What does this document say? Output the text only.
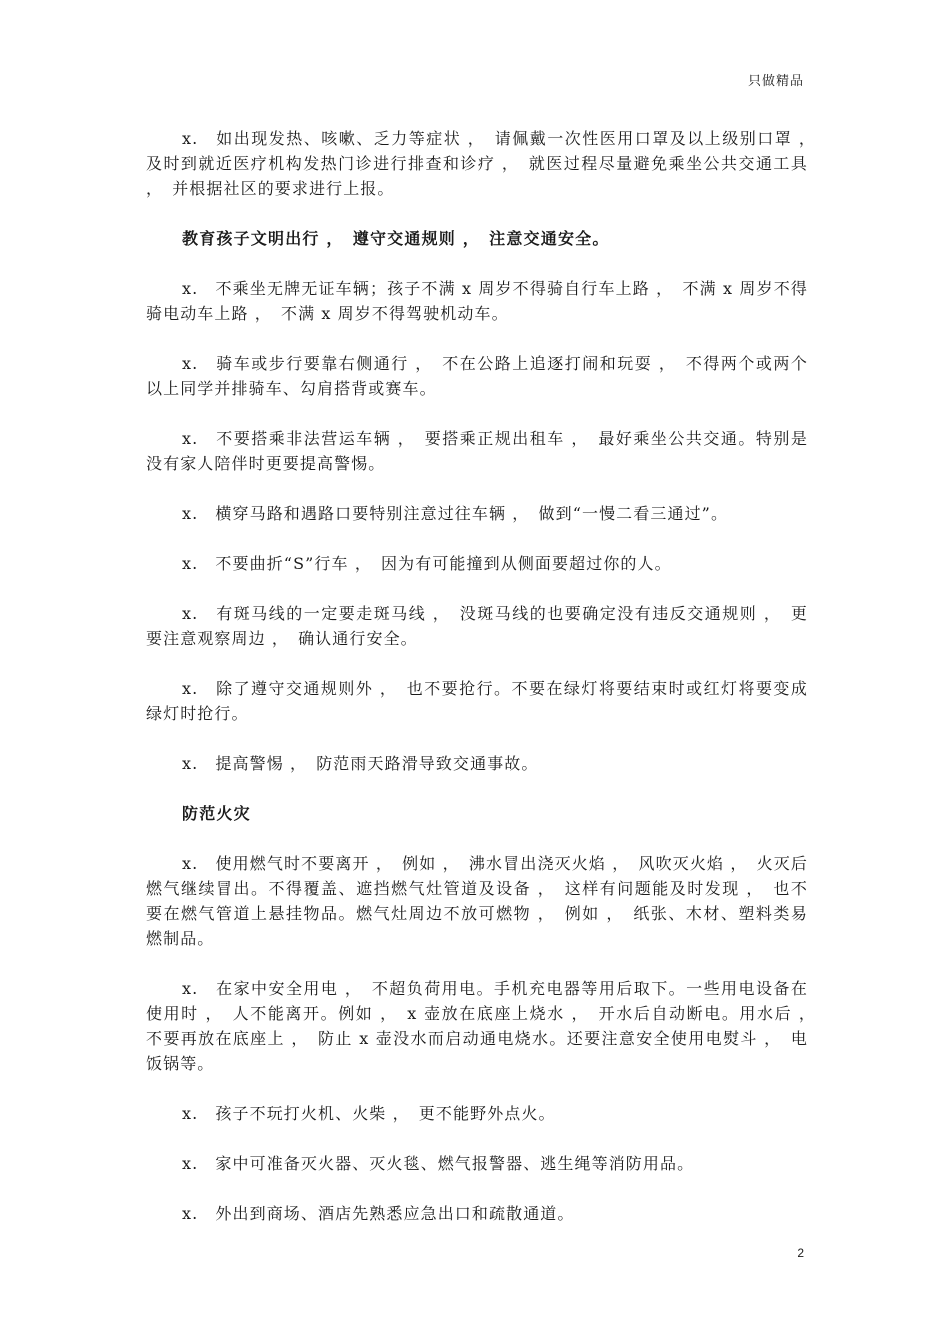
只做精品

x.　如出现发热、咳嗽、乏力等症状 ，　请佩戴一次性医用口罩及以上级别口罩 ，　及时到就近医疗机构发热门诊进行排查和诊疗 ，　就医过程尽量避免乘坐公共交通工具 ，　并根据社区的要求进行上报。

教育孩子文明出行 ，　遵守交通规则 ，　注意交通安全。

x.　不乘坐无牌无证车辆；孩子不满 x 周岁不得骑自行车上路 ，　不满 x 周岁不得骑电动车上路 ，　不满 x 周岁不得驾驶机动车。

x.　骑车或步行要靠右侧通行 ，　不在公路上追逐打闹和玩耍 ，　不得两个或两个以上同学并排骑车、勾肩搭背或赛车。

x.　不要搭乘非法营运车辆 ，　要搭乘正规出租车 ，　最好乘坐公共交通。特别是没有家人陪伴时更要提高警惕。

x.　横穿马路和遇路口要特别注意过往车辆 ，　做到“一慢二看三通过”。

x.　不要曲折“S”行车 ，　因为有可能撞到从侧面要超过你的人。

x.　有斑马线的一定要走斑马线 ，　没斑马线的也要确定没有违反交通规则 ，　更要注意观察周边 ，　确认通行安全。

x.　除了遵守交通规则外 ，　也不要抢行。不要在绿灯将要结束时或红灯将要变成绿灯时抢行。

x.　提高警惕 ，　防范雨天路滑导致交通事故。

防范火灾

x.　使用燃气时不要离开 ，　例如 ，　沸水冒出浇灭火焰 ，　风吹灭火焰 ，　火灭后燃气继续冒出。不得覆盖、遮挡燃气灶管道及设备 ，　这样有问题能及时发现 ，　也不要在燃气管道上悬挂物品。燃气灶周边不放可燃物 ，　例如 ，　纸张、木材、塑料类易燃制品。

x.　在家中安全用电 ，　不超负荷用电。手机充电器等用后取下。一些用电设备在使用时 ，　人不能离开。例如 ，　x 壶放在底座上烧水 ，　开水后自动断电。用水后 ，　不要再放在底座上 ，　防止 x 壶没水而启动通电烧水。还要注意安全使用电熨斗 ，　电饭锅等。

x.　孩子不玩打火机、火柴 ，　更不能野外点火。

x.　家中可准备灭火器、灭火毯、燃气报警器、逃生绳等消防用品。

x.　外出到商场、酒店先熟悉应急出口和疏散通道。

2
